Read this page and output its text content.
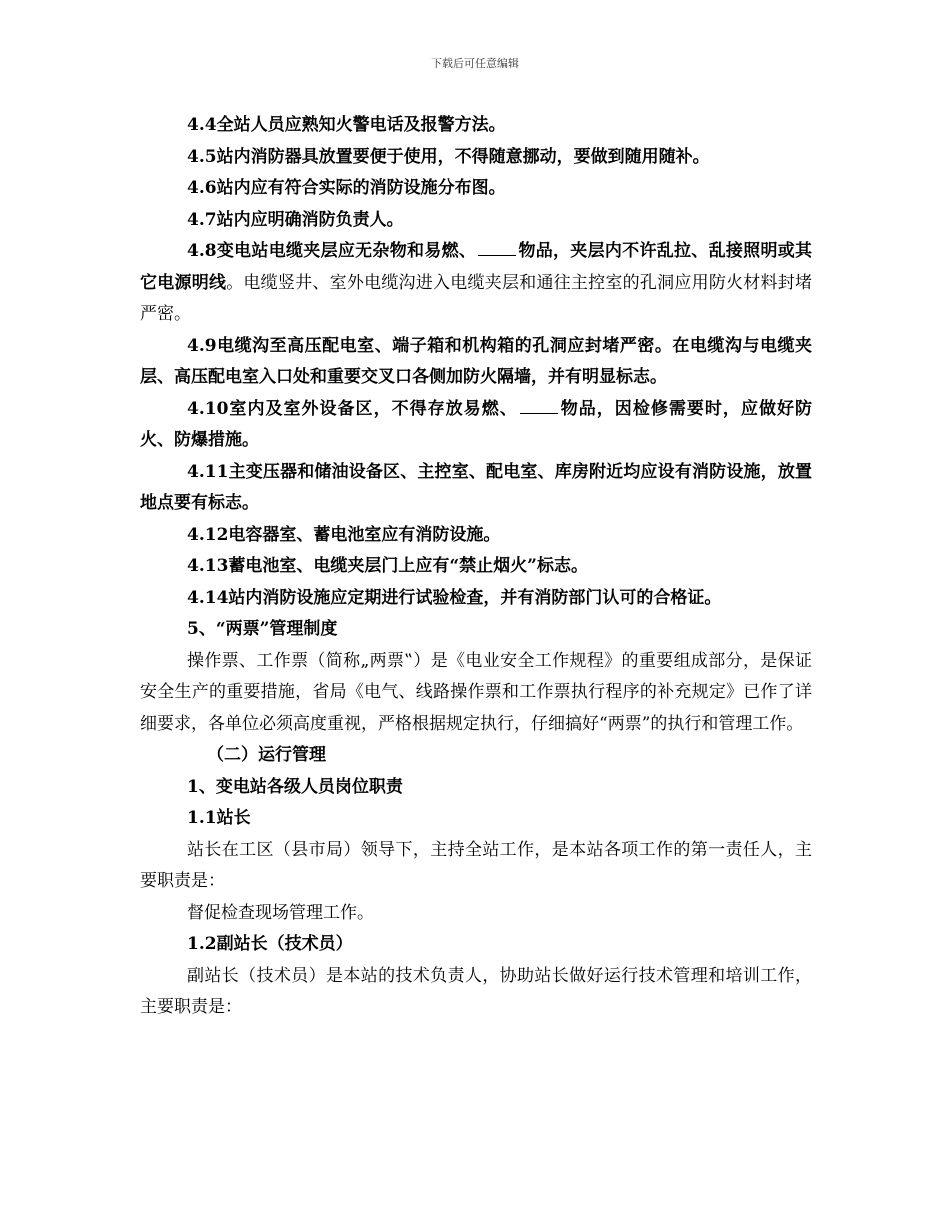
下载后可任意编辑

4.4全站人员应熟知火警电话及报警方法。

4.5站内消防器具放置要便于使用，不得随意挪动，要做到随用随补。

4.6站内应有符合实际的消防设施分布图。

4.7站内应明确消防负责人。

4.8变电站电缆夹层应无杂物和易燃、 物品，夹层内不许乱拉、乱接照明或其它电源明线。电缆竖井、室外电缆沟进入电缆夹层和通往主控室的孔洞应用防火材料封堵严密。

4.9电缆沟至高压配电室、端子箱和机构箱的孔洞应封堵严密。在电缆沟与电缆夹层、高压配电室入口处和重要交叉口各侧加防火隔墙，并有明显标志。

4.10室内及室外设备区，不得存放易燃、 物品，因检修需要时，应做好防火、防爆措施。

4.11主变压器和储油设备区、主控室、配电室、库房附近均应设有消防设施，放置地点要有标志。

4.12电容器室、蓄电池室应有消防设施。

4.13蓄电池室、电缆夹层门上应有“禁止烟火”标志。

4.14站内消防设施应定期进行试验检查，并有消防部门认可的合格证。

5、“两票”管理制度

操作票、工作票（简称„两票‟）是《电业安全工作规程》的重要组成部分，是保证安全生产的重要措施，省局《电气、线路操作票和工作票执行程序的补充规定》已作了详细要求，各单位必须高度重视，严格根据规定执行，仔细搞好“两票”的执行和管理工作。

（二）运行管理

1、变电站各级人员岗位职责

1.1站长

站长在工区（县市局）领导下，主持全站工作，是本站各项工作的第一责任人，主要职责是：

督促检查现场管理工作。

1.2副站长（技术员）

副站长（技术员）是本站的技术负责人，协助站长做好运行技术管理和培训工作，主要职责是：
